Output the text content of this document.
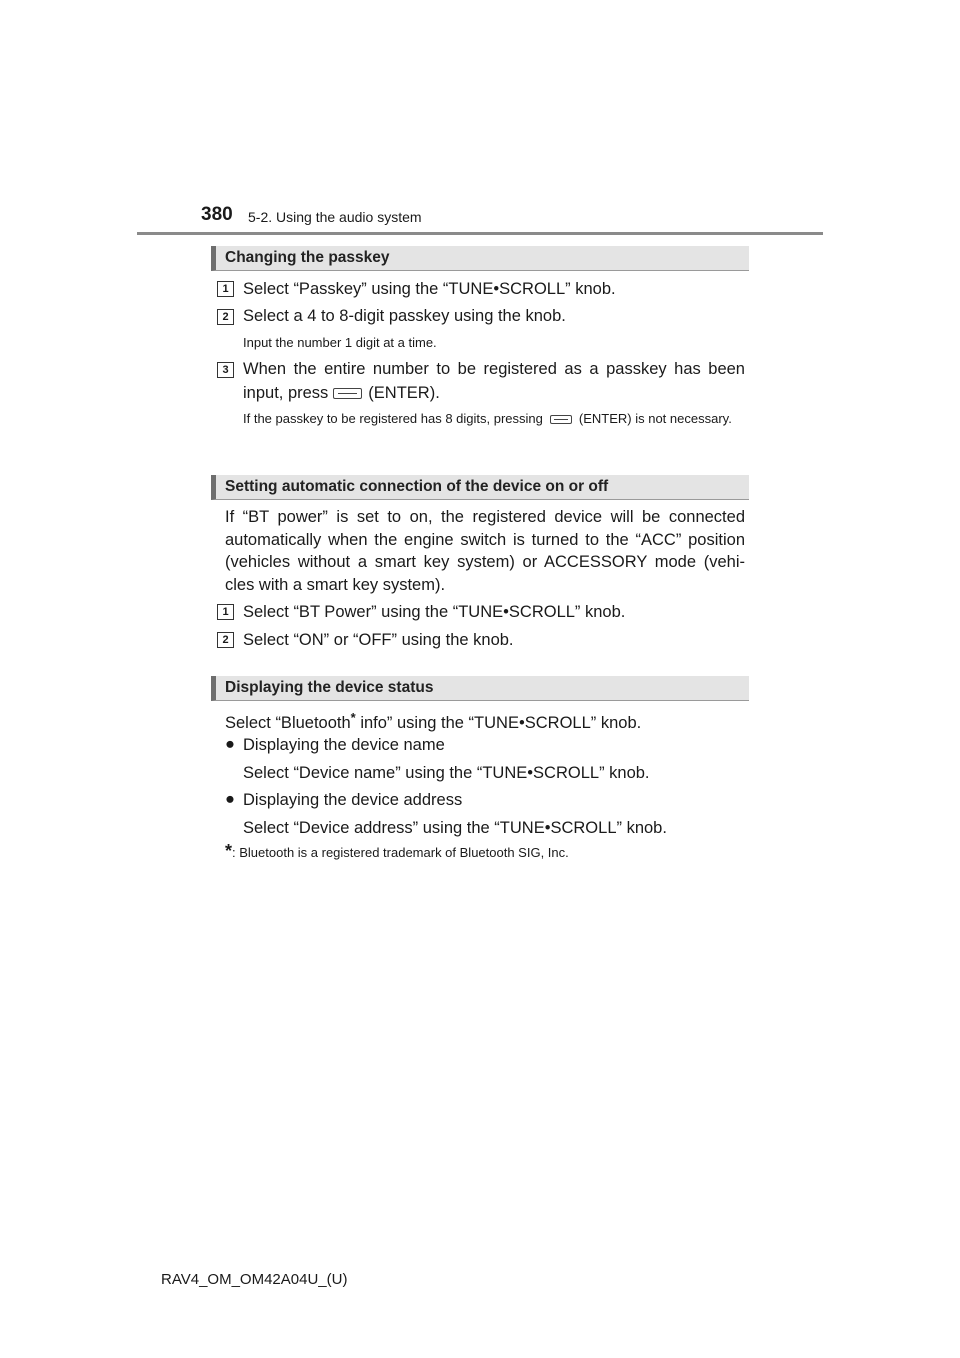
380 5-2. Using the audio system
Changing the passkey
1 Select “Passkey” using the “TUNE•SCROLL” knob.
2 Select a 4 to 8-digit passkey using the knob.
Input the number 1 digit at a time.
3 When the entire number to be registered as a passkey has been input, press (ENTER).
If the passkey to be registered has 8 digits, pressing	(ENTER) is not necessary.
Setting automatic connection of the device on or off
If “BT power” is set to on, the registered device will be connected automatically when the engine switch is turned to the “ACC” position (vehicles without a smart key system) or ACCESSORY mode (vehi-cles with a smart key system).
1 Select “BT Power” using the “TUNE•SCROLL” knob.
2 Select “ON” or “OFF” using the knob.
Displaying the device status
Select “Bluetooth* info” using the “TUNE•SCROLL” knob.
● Displaying the device name
Select “Device name” using the “TUNE•SCROLL” knob.
● Displaying the device address
Select “Device address” using the “TUNE•SCROLL” knob.
*: Bluetooth is a registered trademark of Bluetooth SIG, Inc.
RAV4_OM_OM42A04U_(U)
